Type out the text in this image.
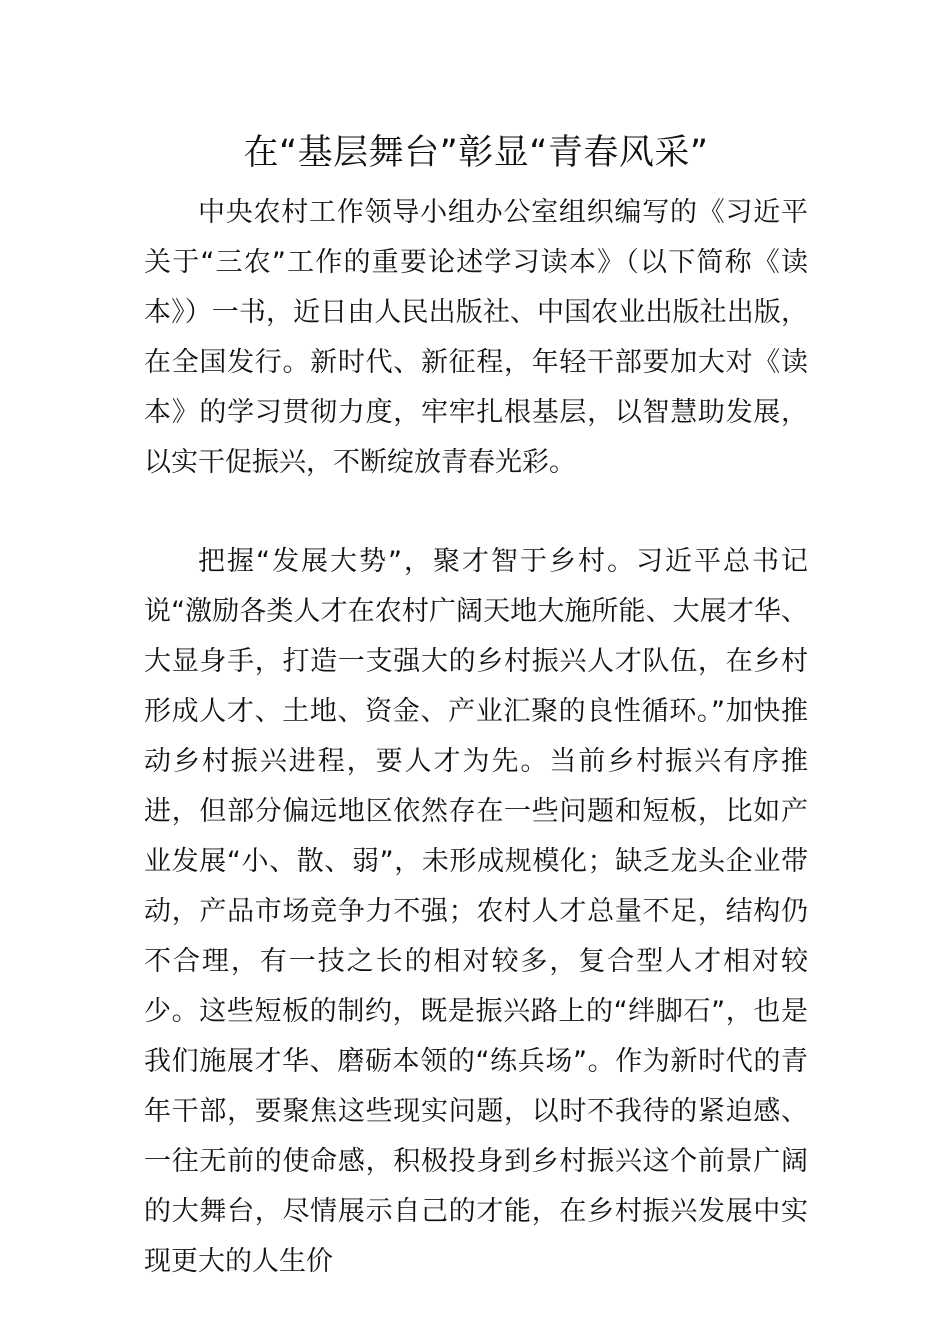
在“基层舞台”彰显“青春风采”

中央农村工作领导小组办公室组织编写的《习近平关于“三农”工作的重要论述学习读本》（以下简称《读本》）一书，近日由人民出版社、中国农业出版社出版，在全国发行。新时代、新征程，年轻干部要加大对《读本》的学习贯彻力度，牢牢扎根基层，以智慧助发展，以实干促振兴，不断绽放青春光彩。

把握“发展大势”，聚才智于乡村。习近平总书记说“激励各类人才在农村广阔天地大施所能、大展才华、大显身手，打造一支强大的乡村振兴人才队伍，在乡村形成人才、土地、资金、产业汇聚的良性循环。”加快推动乡村振兴进程，要人才为先。当前乡村振兴有序推进，但部分偏远地区依然存在一些问题和短板，比如产业发展“小、散、弱”，未形成规模化；缺乏龙头企业带动，产品市场竞争力不强；农村人才总量不足，结构仍不合理，有一技之长的相对较多，复合型人才相对较少。这些短板的制约，既是振兴路上的“绊脚石”，也是我们施展才华、磨砺本领的“练兵场”。作为新时代的青年干部，要聚焦这些现实问题，以时不我待的紧迫感、一往无前的使命感，积极投身到乡村振兴这个前景广阔的大舞台，尽情展示自己的才能，在乡村振兴发展中实现更大的人生价
